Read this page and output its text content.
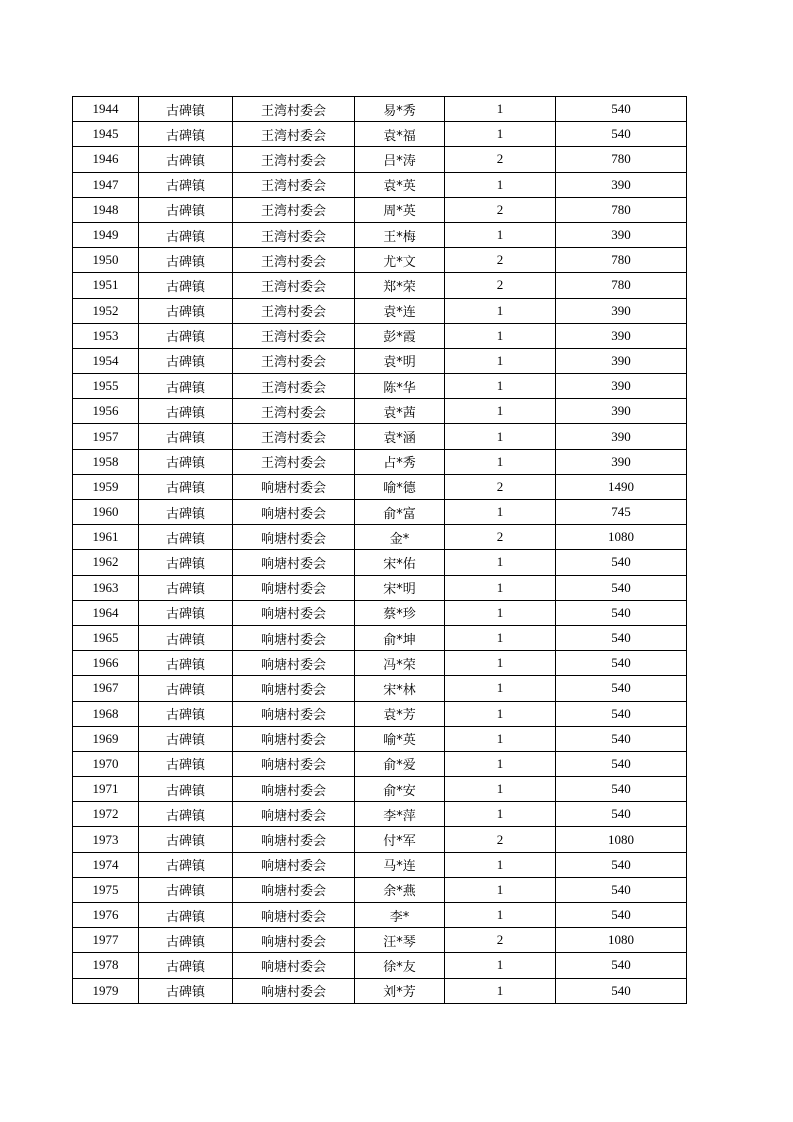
1944	古碑镇	王湾村委会	易*秀	1	540
1945	古碑镇	王湾村委会	袁*福	1	540
1946	古碑镇	王湾村委会	吕*涛	2	780
1947	古碑镇	王湾村委会	袁*英	1	390
1948	古碑镇	王湾村委会	周*英	2	780
1949	古碑镇	王湾村委会	王*梅	1	390
1950	古碑镇	王湾村委会	尤*文	2	780
1951	古碑镇	王湾村委会	郑*荣	2	780
1952	古碑镇	王湾村委会	袁*连	1	390
1953	古碑镇	王湾村委会	彭*霞	1	390
1954	古碑镇	王湾村委会	袁*明	1	390
1955	古碑镇	王湾村委会	陈*华	1	390
1956	古碑镇	王湾村委会	袁*茜	1	390
1957	古碑镇	王湾村委会	袁*涵	1	390
1958	古碑镇	王湾村委会	占*秀	1	390
1959	古碑镇	响塘村委会	喻*德	2	1490
1960	古碑镇	响塘村委会	俞*富	1	745
1961	古碑镇	响塘村委会	金*	2	1080
1962	古碑镇	响塘村委会	宋*佑	1	540
1963	古碑镇	响塘村委会	宋*明	1	540
1964	古碑镇	响塘村委会	蔡*珍	1	540
1965	古碑镇	响塘村委会	俞*坤	1	540
1966	古碑镇	响塘村委会	冯*荣	1	540
1967	古碑镇	响塘村委会	宋*林	1	540
1968	古碑镇	响塘村委会	袁*芳	1	540
1969	古碑镇	响塘村委会	喻*英	1	540
1970	古碑镇	响塘村委会	俞*爱	1	540
1971	古碑镇	响塘村委会	俞*安	1	540
1972	古碑镇	响塘村委会	李*萍	1	540
1973	古碑镇	响塘村委会	付*军	2	1080
1974	古碑镇	响塘村委会	马*连	1	540
1975	古碑镇	响塘村委会	余*燕	1	540
1976	古碑镇	响塘村委会	李*	1	540
1977	古碑镇	响塘村委会	汪*琴	2	1080
1978	古碑镇	响塘村委会	徐*友	1	540
1979	古碑镇	响塘村委会	刘*芳	1	540
